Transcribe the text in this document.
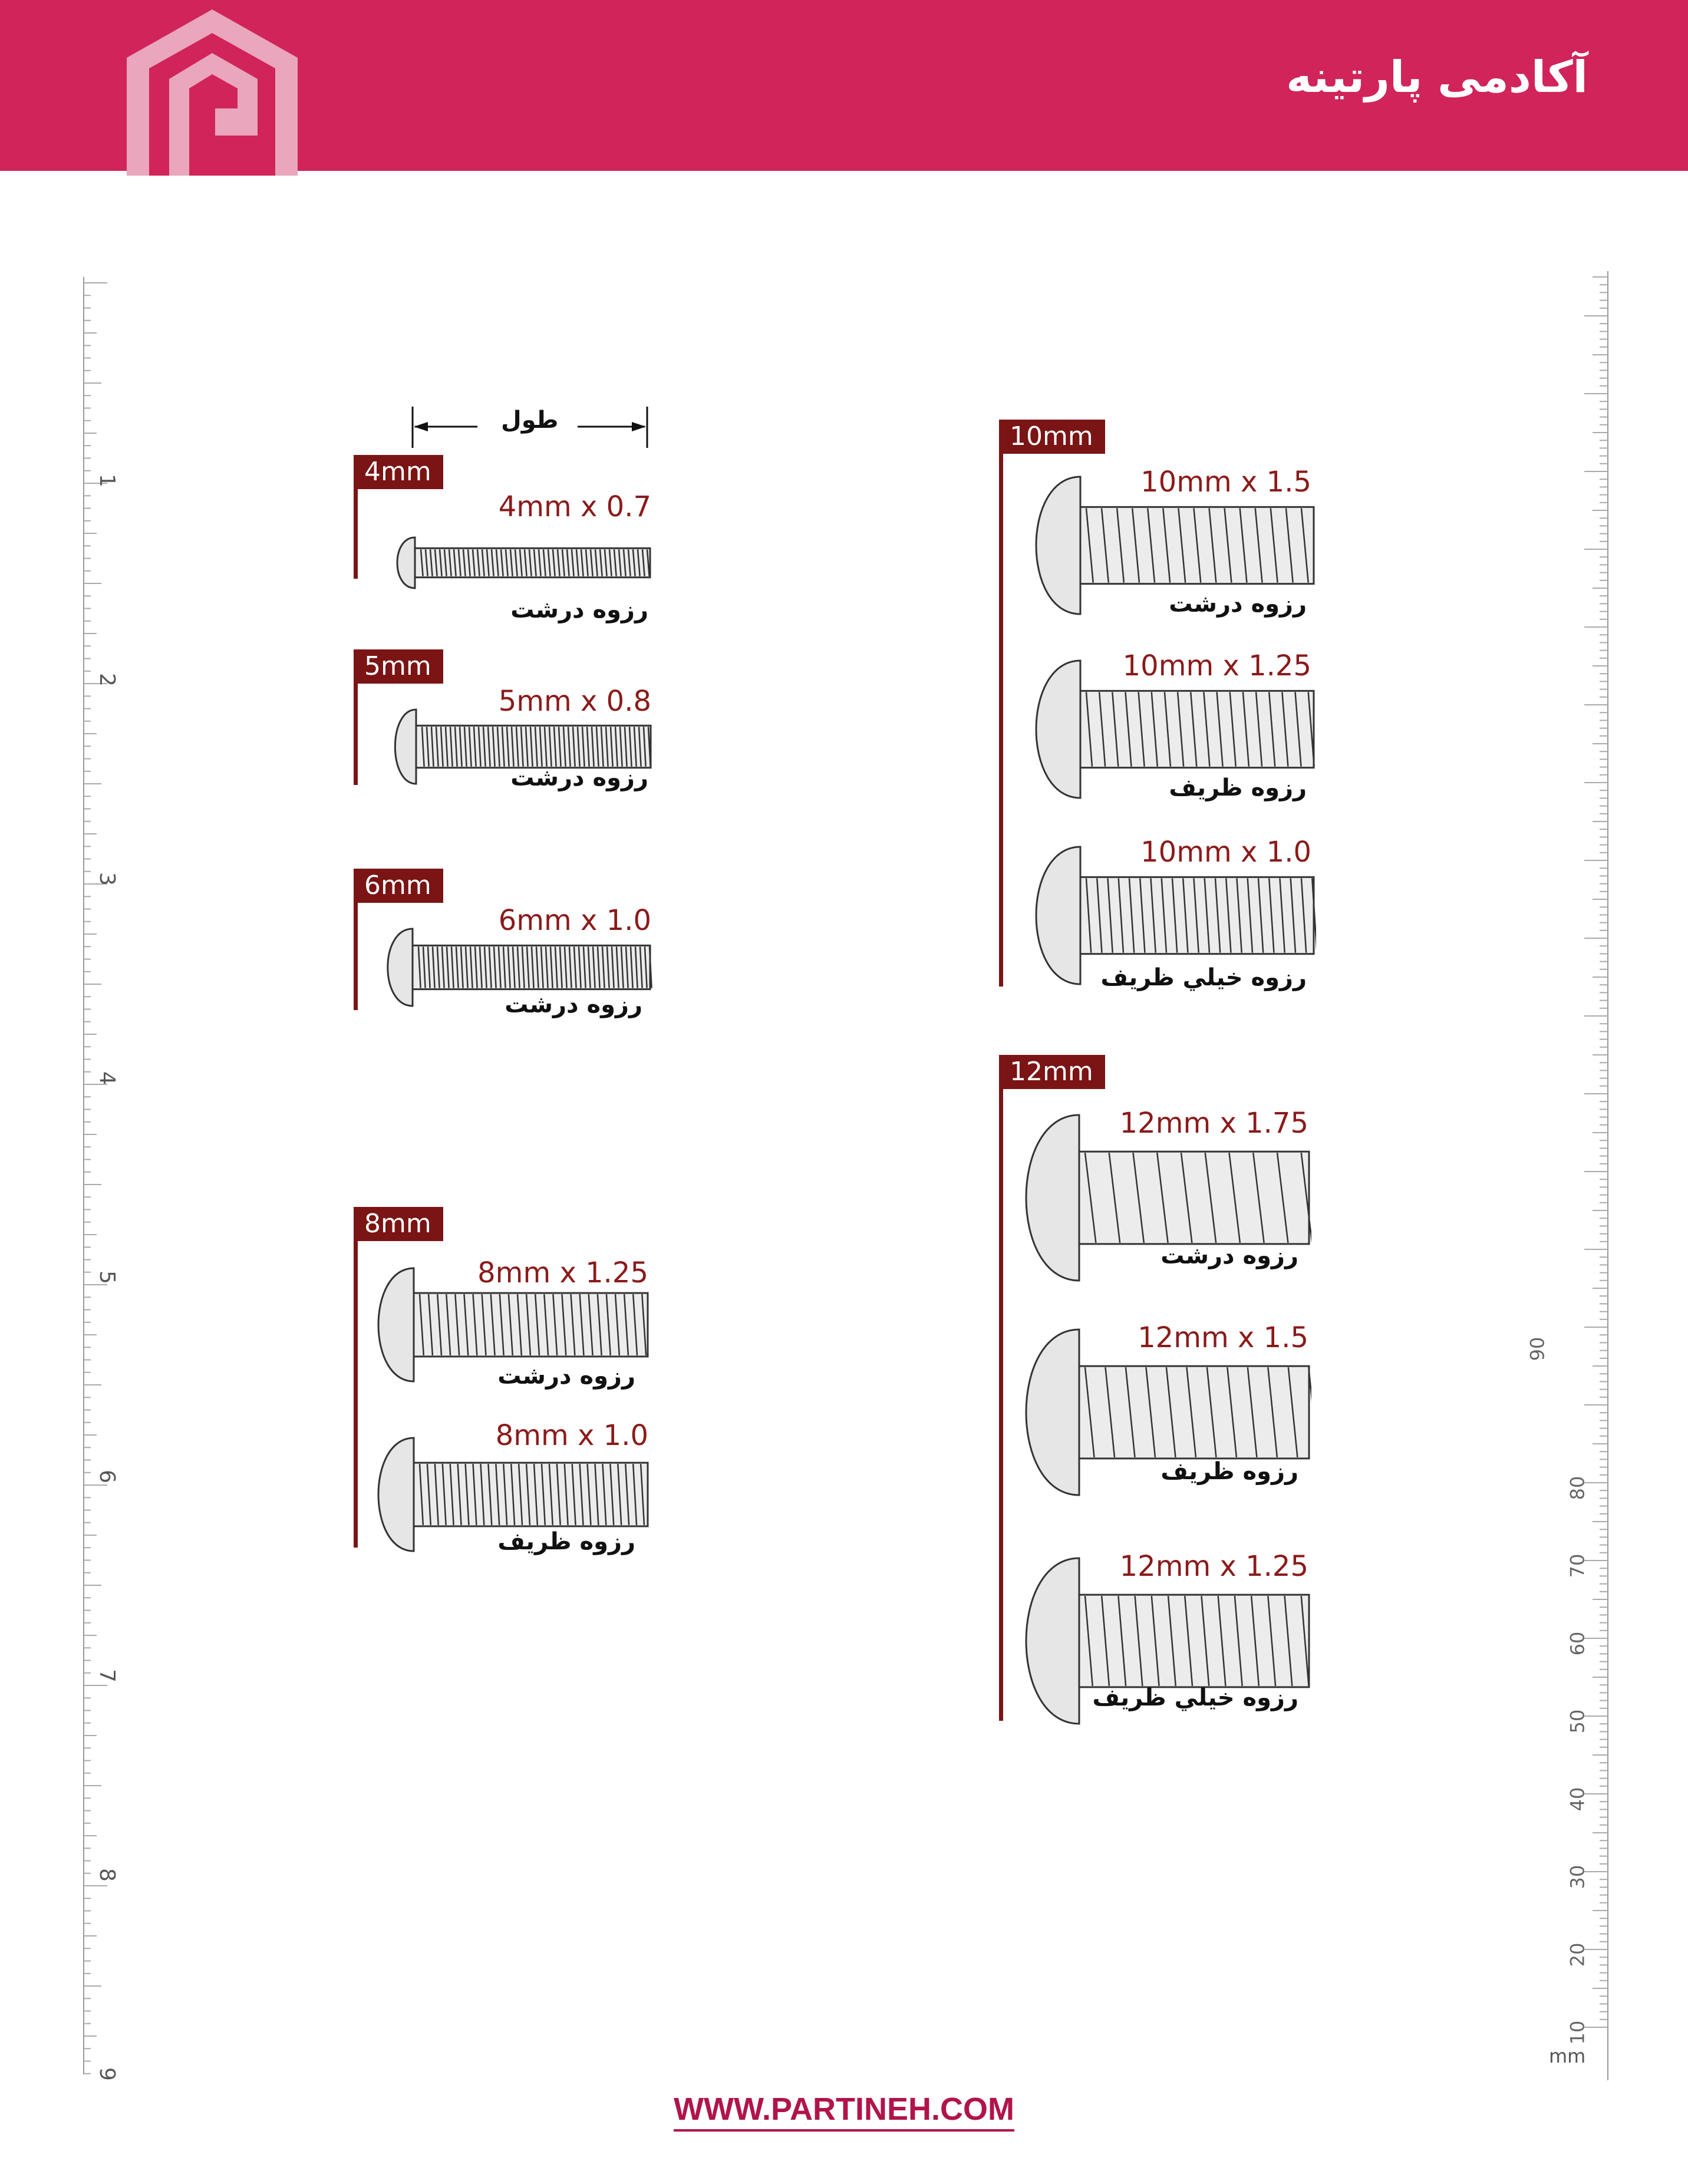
آکادمی پارتینه
1
2
3
4
5
6
7
8
9
90
80
70
60
50
40
30
20
10
mm
طول
4mm
4mm x 0.7
رزوه درشت
5mm
5mm x 0.8
رزوه درشت
6mm
6mm x 1.0
رزوه درشت
8mm
8mm x 1.25
رزوه درشت
8mm x 1.0
رزوه ظریف
10mm
10mm x 1.5
رزوه درشت
10mm x 1.25
رزوه ظریف
10mm x 1.0
رزوه خيلي ظريف
12mm
12mm x 1.75
رزوه درشت
12mm x 1.5
رزوه ظریف
12mm x 1.25
رزوه خيلي ظريف
WWW.PARTINEH.COM
